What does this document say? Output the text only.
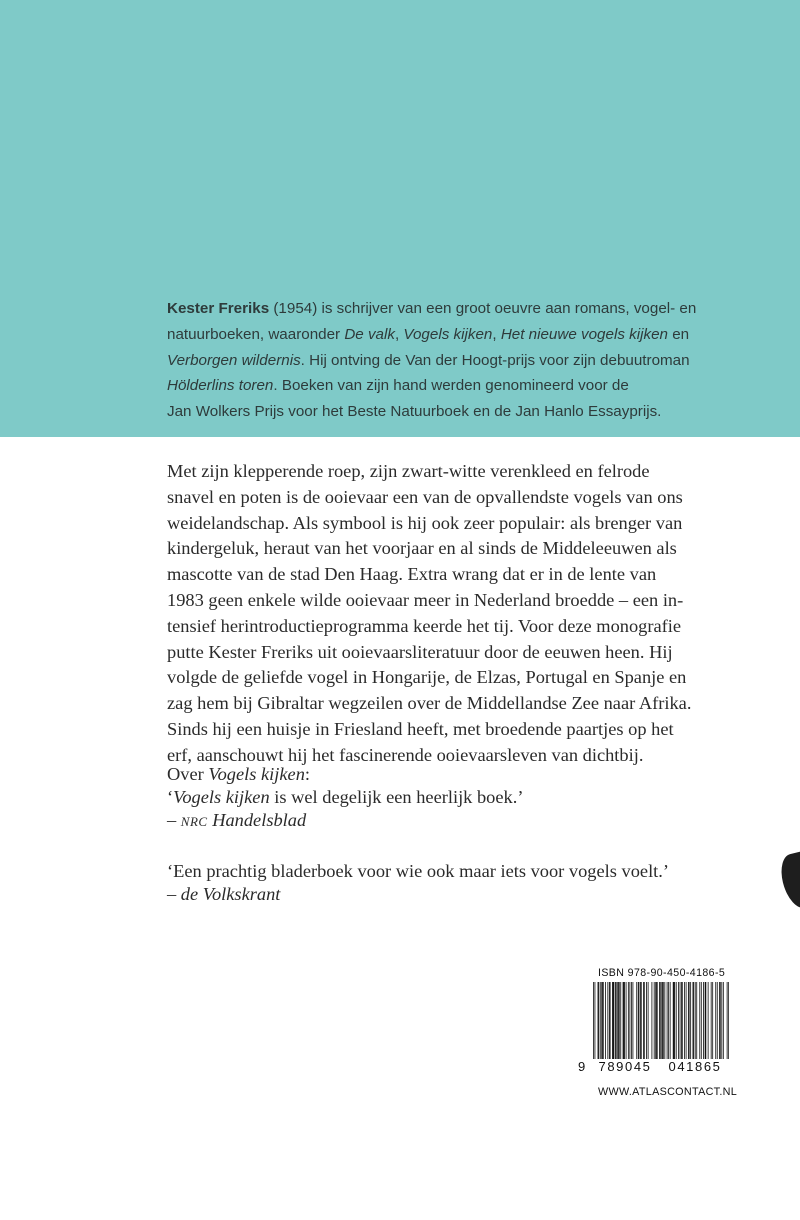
Kester Freriks (1954) is schrijver van een groot oeuvre aan romans, vogel- en
natuurboeken, waaronder De valk, Vogels kijken, Het nieuwe vogels kijken en
Verborgen wildernis. Hij ontving de Van der Hoogt-prijs voor zijn debuutroman
Hölderlins toren. Boeken van zijn hand werden genomineerd voor de
Jan Wolkers Prijs voor het Beste Natuurboek en de Jan Hanlo Essayprijs.
Met zijn klepperende roep, zijn zwart-witte verenkleed en felrode
snavel en poten is de ooievaar een van de opvallendste vogels van ons
weidelandschap. Als symbool is hij ook zeer populair: als brenger van
kindergeluk, heraut van het voorjaar en al sinds de Middeleeuwen als
mascotte van de stad Den Haag. Extra wrang dat er in de lente van
1983 geen enkele wilde ooievaar meer in Nederland broedde – een in-
tensief herintroductieprogramma keerde het tij. Voor deze monografie
putte Kester Freriks uit ooievaarsliteratuur door de eeuwen heen. Hij
volgde de geliefde vogel in Hongarije, de Elzas, Portugal en Spanje en
zag hem bij Gibraltar wegzeilen over de Middellandse Zee naar Afrika.
Sinds hij een huisje in Friesland heeft, met broedende paartjes op het
erf, aanschouwt hij het fascinerende ooievaarsleven van dichtbij.
Over Vogels kijken:
‘Vogels kijken is wel degelijk een heerlijk boek.’
– NRC Handelsblad
‘Een prachtig bladerboek voor wie ook maar iets voor vogels voelt.’
– de Volkskrant
ISBN 978-90-450-4186-5
9	789045	041865
WWW.ATLASCONTACT.NL
